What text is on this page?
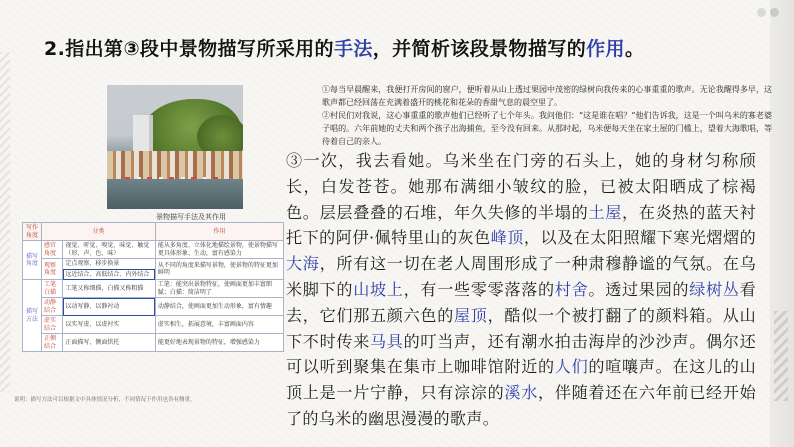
2.指出第③段中景物描写所采用的手法，并简析该段景物描写的作用。
景物描写手法及其作用
写作角度	分类		作用
描写角度	感官角度	视觉、听觉、嗅觉、味觉、触觉（形、声、色、味）	能从多角度、立体化地描绘景物，使景物描写更具体形象、生动，富有感染力
	观察角度	定点观察、移步换景	从不同的角度来描写景物，使景物的特征更加鲜明
		远近结合、高低结合、内外结合	
描写方法	工笔白描	工笔又称细描，白描又称粗描	工笔：能突出景物特征，使画面更加丰富细腻；白描：简洁明了
	动静结合	以动写静、以静衬动	动静结合，使画面更加生动形象，富有情趣
	虚实结合	以实写虚、以虚衬实	虚实相生，拓展意境，丰富画面内容
	正侧结合	正面描写、侧面烘托	能更好地表现景物的特征，增强感染力
说明：描写方法可以根据文中具体情况分析，不同情况下作用也各有侧重。
①每当早晨醒来，我便打开房间的窗户，便听着从山上透过果园中茂密的绿树向我传来的心事重重的歌声。无论我醒得多早，这歌声都已经回荡在充满着盛开的桃花和花朵的香甜气息的晨空里了。
②村民们对我说，这心事重重的歌声他们已经听了七个年头。我问他们：“这是谁在唱？”他们告诉我，这是一个叫乌米的寡老婆子唱的。六年前她的丈夫和两个孩子出海捕鱼，至今没有回来。从那时起，乌米便每天坐在家土屋的门槛上，望着大海歌唱，等待着自己的亲人。
③一次，我去看她。乌米坐在门旁的石头上，她的身材匀称颀长，白发苍苍。她那布满细小皱纹的脸，已被太阳晒成了棕褐色。层层叠叠的石堆，年久失修的半塌的土屋，在炎热的蓝天衬托下的阿伊·佩特里山的灰色峰顶，以及在太阳照耀下寒光熠熠的大海，所有这一切在老人周围形成了一种肃穆静谧的气氛。在乌米脚下的山坡上，有一些零零落落的村舍。透过果园的绿树丛看去，它们那五颜六色的屋顶，酷似一个被打翻了的颜料箱。从山下不时传来马具的叮当声，还有潮水拍击海岸的沙沙声。偶尔还可以听到聚集在集市上咖啡馆附近的人们的喧嚷声。在这儿的山顶上是一片宁静，只有淙淙的溪水，伴随着还在六年前已经开始了的乌米的幽思漫漫的歌声。
